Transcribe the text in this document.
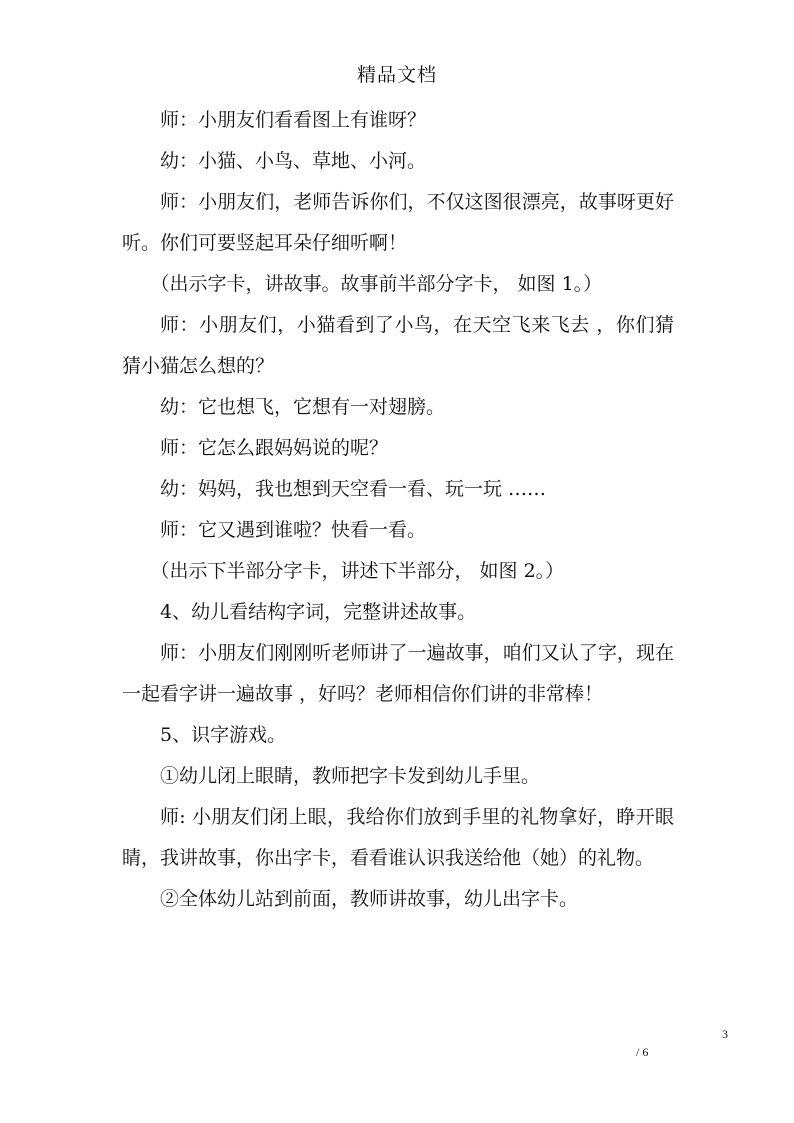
精品文档

师：小朋友们看看图上有谁呀？

幼：小猫、小鸟、草地、小河。

师：小朋友们，老师告诉你们，不仅这图很漂亮，故事呀更好听。你们可要竖起耳朵仔细听啊！

（出示字卡，讲故事。故事前半部分字卡， 如图 1。）

师：小朋友们，小猫看到了小鸟，在天空飞来飞去 ，你们猜猜小猫怎么想的？

幼：它也想飞，它想有一对翅膀。

师：它怎么跟妈妈说的呢？

幼：妈妈，我也想到天空看一看、玩一玩 ……

师：它又遇到谁啦？快看一看。

（出示下半部分字卡，讲述下半部分， 如图 2。）

4、幼儿看结构字词，完整讲述故事。

师：小朋友们刚刚听老师讲了一遍故事，咱们又认了字，现在一起看字讲一遍故事 ，好吗？老师相信你们讲的非常棒！

5、识字游戏。

①幼儿闭上眼睛，教师把字卡发到幼儿手里。

师: 小朋友们闭上眼，我给你们放到手里的礼物拿好，睁开眼睛，我讲故事，你出字卡，看看谁认识我送给他（她）的礼物。

②全体幼儿站到前面，教师讲故事，幼儿出字卡。

3
/ 6
